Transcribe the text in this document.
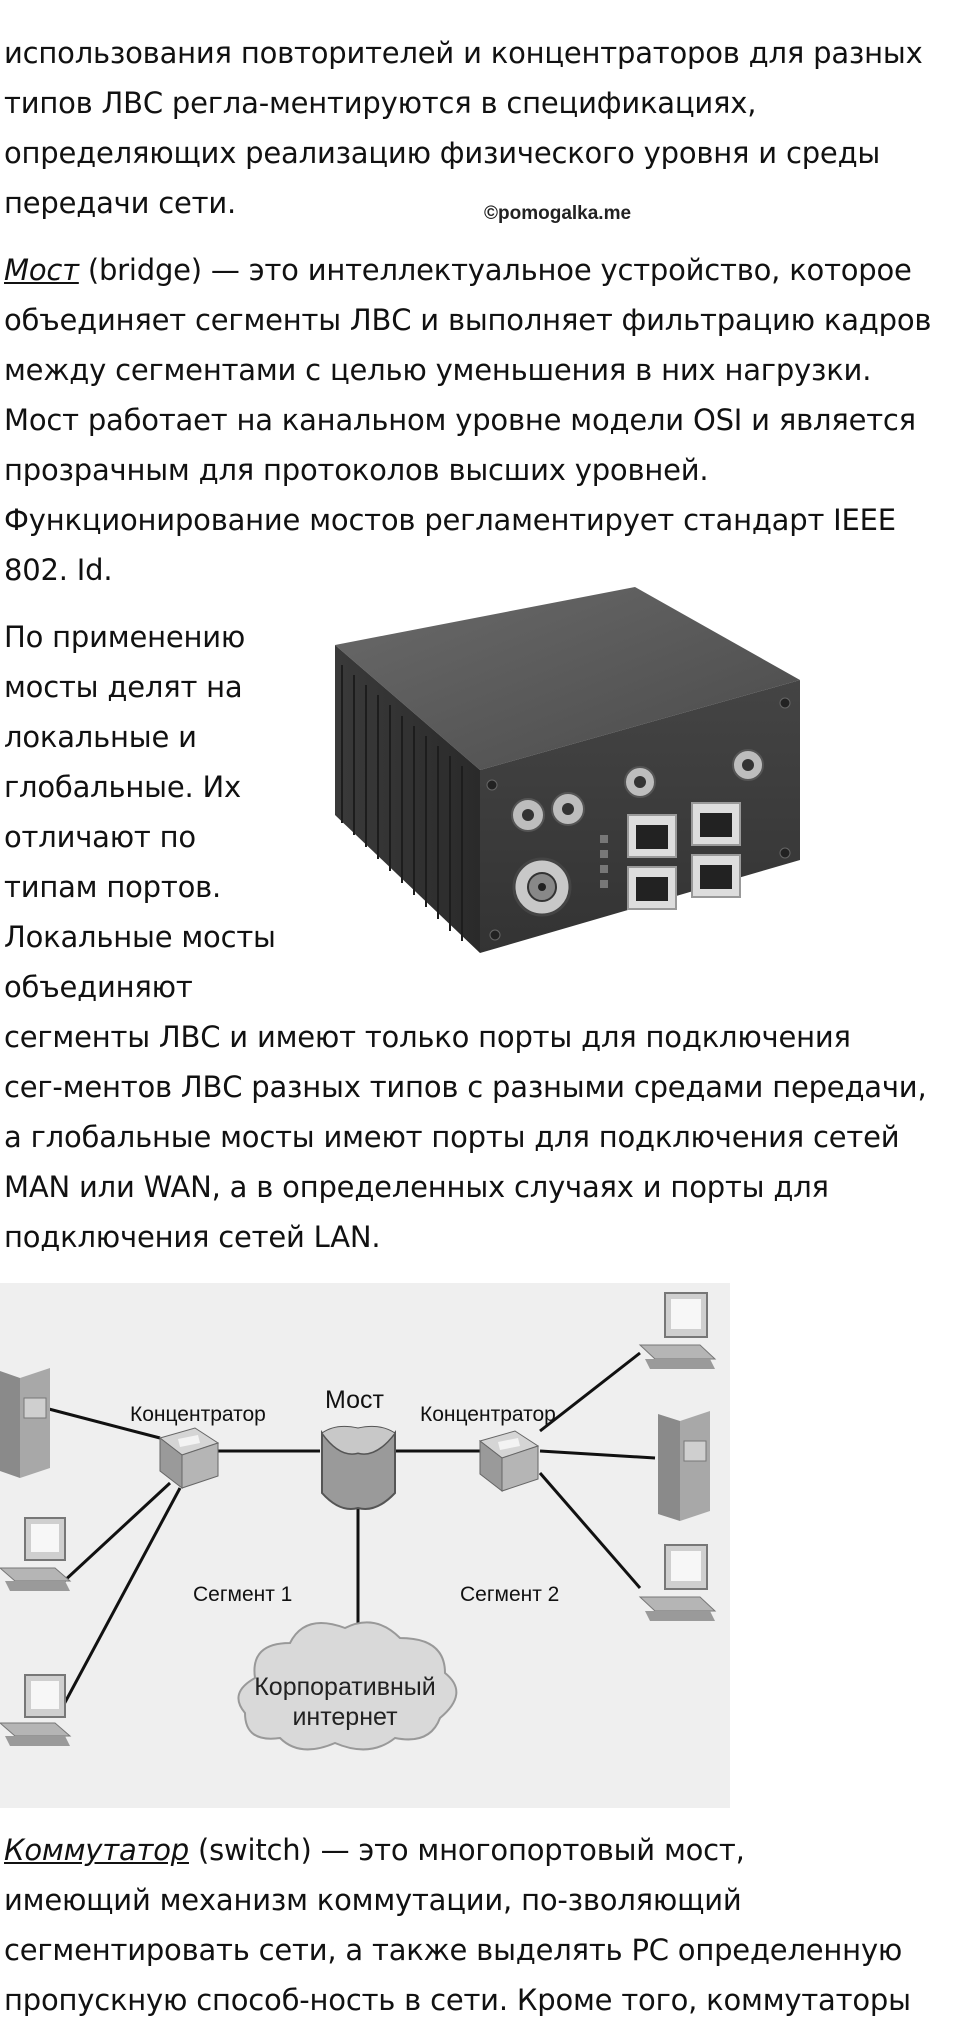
использования повторителей и концентраторов для разных

типов ЛВС регла-ментируются в спецификациях,

определяющих реализацию физического уровня и среды

передачи сети.	©pomogalka.me

Мост (bridge) — это интеллектуальное устройство, которое

объединяет сегменты ЛВС и выполняет фильтрацию кадров

между сегментами с целью уменьшения в них нагрузки.

Мост работает на канальном уровне модели OSI и является

прозрачным для протоколов высших уровней.

Функционирование мостов регламентирует стандарт IEEE

802. Id.

По применению

мосты делят на

локальные и

глобальные. Их

отличают по

типам портов.

Локальные мосты

объединяют

сегменты ЛВС и имеют только порты для подключения

сег-ментов ЛВС разных типов с разными средами передачи,

а глобальные мосты имеют порты для подключения сетей

MAN или WAN, а в определенных случаях и порты для

подключения сетей LAN.

Концентратор
Мост
Концентратор
Сегмент 1	Сегмент 2
Корпоративный
интернет

Коммутатор (switch) — это многопортовый мост,

имеющий механизм коммутации, по-зволяющий

сегментировать сети, а также выделять PC определенную

пропускную способ-ность в сети. Кроме того, коммутаторы
